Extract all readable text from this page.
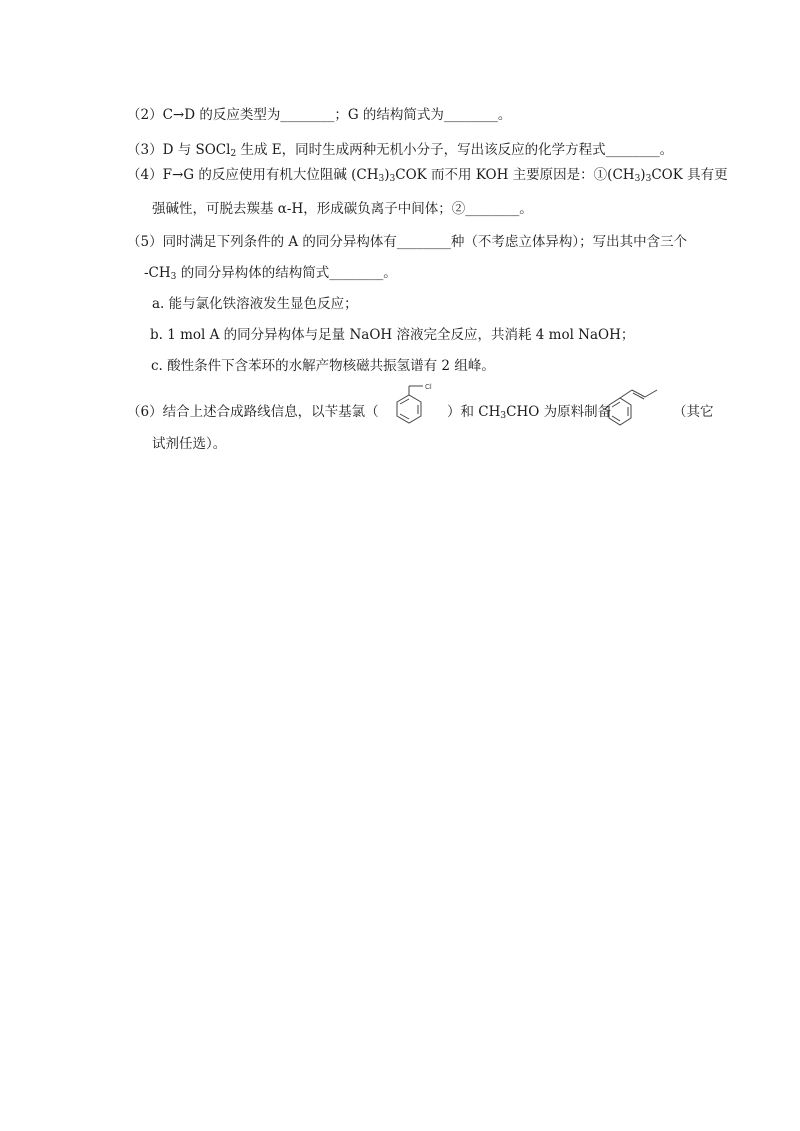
（2）C→D 的反应类型为________；G 的结构简式为________。
（3）D 与 SOCl$_2$ 生成 E，同时生成两种无机小分子，写出该反应的化学方程式________。
（4）F→G 的反应使用有机大位阻碱 $(CH_3)_3COK$ 而不用 KOH 主要原因是：$①(CH_3)_3COK$ 具有更
强碱性，可脱去羰基 α-H，形成碳负离子中间体；②________。
（5）同时满足下列条件的 A 的同分异构体有________种（不考虑立体异构）；写出其中含三个
$-CH_3$ 的同分异构体的结构简式________。
a. 能与氯化铁溶液发生显色反应；
b. 1 mol A 的同分异构体与足量 NaOH 溶液完全反应，共消耗 4 mol NaOH；
c. 酸性条件下含苯环的水解产物核磁共振氢谱有 2 组峰。
（6）结合上述合成路线信息，以苄基氯（
Cl
）和 $CH_3CHO$ 为原料制备	（其它
试剂任选）。
